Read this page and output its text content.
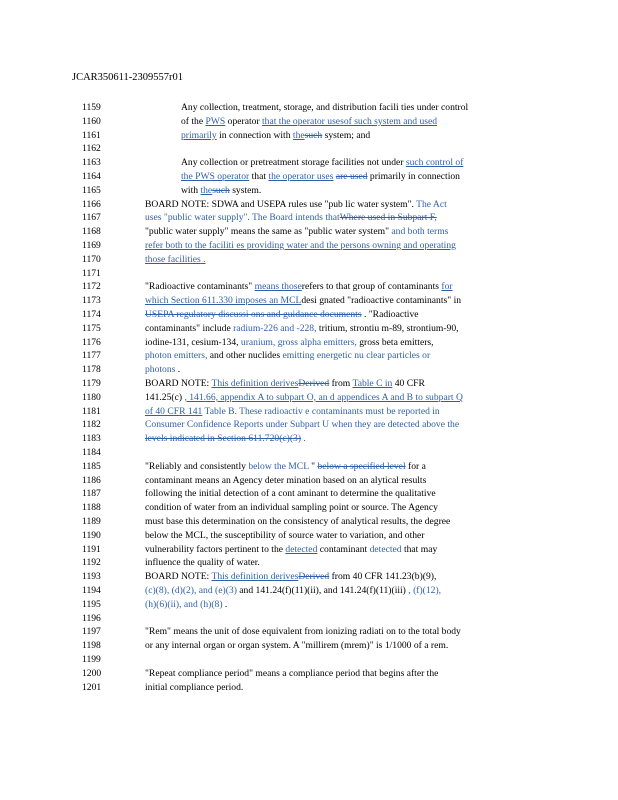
JCAR350611-2309557r01
1159	Any collection, treatment, storage, and distribution facili ties under control
1160	of the PWS operator that the operator usesof such system and used
1161	primarily in connection with thesuch system; and
1162
1163	Any collection or pretreatment storage facilities not under such control of
1164	the PWS operator that the operator uses are used primarily in connection
1165	with thesuch system.
1166	BOARD NOTE: SDWA and USEPA rules use "pub lic water system". The Act
1167	uses "public water supply". The Board intends thatWhere used in Subpart F,
1168	"public water supply" means the same as "public water system" and both terms
1169	refer both to the faciliti es providing water and the persons owning and operating
1170	those facilities .
1171
1172	"Radioactive contaminants" means thoserefers to that group of contaminants for
1173	which Section 611.330 imposes an MCLdesi gnated "radioactive contaminants" in
1174	USEPA regulatory discussi ons and guidance documents . "Radioactive
1175	contaminants" include radium-226 and -228, tritium, strontiu m-89, strontium-90,
1176	iodine-131, cesium-134, uranium, gross alpha emitters, gross beta emitters,
1177	photon emitters, and other nuclides emitting energetic nu clear particles or
1178	photons .
1179	BOARD NOTE: This definition derivesDerived from Table C in 40 CFR
1180	141.25(c) , 141.66, appendix A to subpart O, an d appendices A and B to subpart Q
1181	of 40 CFR 141 Table B. These radioactiv e contaminants must be reported in
1182	Consumer Confidence Reports under Subpart U when they are detected above the
1183	levels indicated in Section 611.720(c)(3) .
1184
1185	"Reliably and consistently below the MCL " below a specified level for a
1186	contaminant means an Agency deter mination based on an alytical results
1187	following the initial detection of a cont aminant to determine the qualitative
1188	condition of water from an individual sampling point or source. The Agency
1189	must base this determination on the consistency of analytical results, the degree
1190	below the MCL, the susceptibility of source water to variation, and other
1191	vulnerability factors pertinent to the detected contaminant detected that may
1192	influence the quality of water.
1193	BOARD NOTE: This definition derivesDerived from 40 CFR 141.23(b)(9),
1194	(c)(8), (d)(2), and (e)(3) and 141.24(f)(11)(ii), and 141.24(f)(11)(iii) , (f)(12),
1195	(h)(6)(ii), and (h)(8) .
1196
1197	"Rem" means the unit of dose equivalent from ionizing radiati on to the total body
1198	or any internal organ or organ system. A "millirem (mrem)" is 1/1000 of a rem.
1199
1200	"Repeat compliance period" means a compliance period that begins after the
1201	initial compliance period.
